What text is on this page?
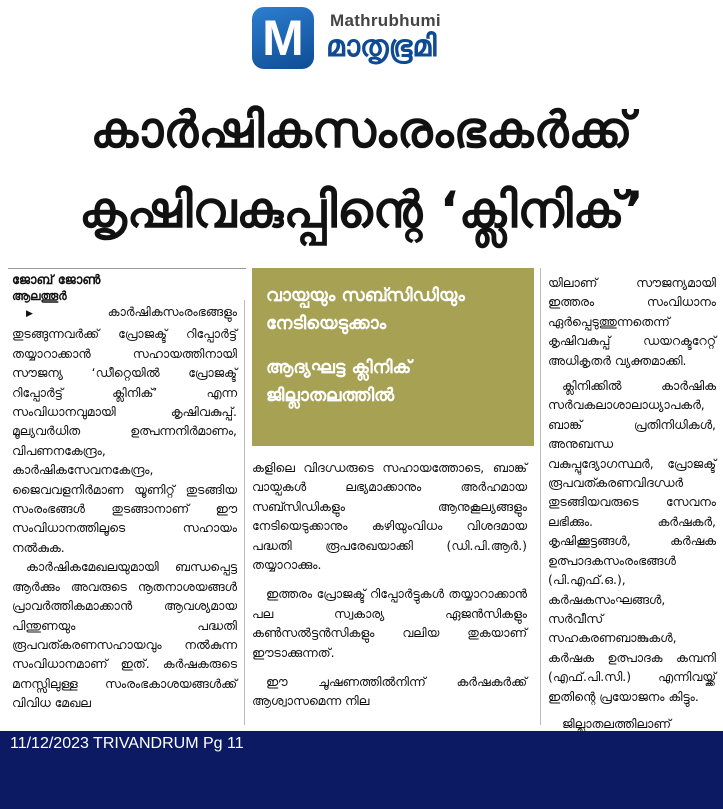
M	Mathrubhumi
മാതൃഭൂമി
കാർഷികസംരംഭകർക്ക്
കൃഷിവകുപ്പിന്റെ ‘ക്ലിനിക്’
ജോബ് ജോൺ
ആലത്തൂർ

▶ കാർഷികസംരംഭങ്ങളും തുടങ്ങുന്നവർക്ക് പ്രോജക്ട് റിപ്പോർട്ട് തയ്യാറാക്കാൻ സഹായത്തിനായി സൗജന്യ ‘ഡീറ്റെയിൽ പ്രോജക്ട് റിപ്പോർട്ട് ക്ലിനിക്’ എന്ന സംവിധാനവുമായി കൃഷിവകുപ്പ്. മൂല്യവർധിത ഉത്പന്നനിർമാണം, വിപണനകേന്ദ്രം, കാർഷികസേവനകേന്ദ്രം, ജൈവവളനിർമാണ യൂണിറ്റ് തുടങ്ങിയ സംരംഭങ്ങൾ തുടങ്ങാനാണ് ഈ സംവിധാനത്തിലൂടെ സഹായം നൽകുക.

കാർഷികമേഖലയുമായി ബന്ധപ്പെട്ട ആർക്കും അവരുടെ നൂതനാശയങ്ങൾ പ്രാവർത്തികമാക്കാൻ ആവശ്യമായ പിന്തുണയും പദ്ധതി രൂപവത്കരണസഹായവും നൽകുന്ന സംവിധാനമാണ് ഇത്. കർഷകരുടെ മനസ്സിലുള്ള സംരംഭകാശയങ്ങൾക്ക് വിവിധ മേഖല

വായ്പയും സബ്സിഡിയും നേടിയെടുക്കാം
ആദ്യഘട്ട ക്ലിനിക് ജില്ലാതലത്തിൽ

കളിലെ വിദഗ്ധരുടെ സഹായത്തോടെ, ബാങ്ക് വായ്പകൾ ലഭ്യമാക്കാനും അർഹമായ സബ്സിഡികളും ആനുകൂല്യങ്ങളും നേടിയെടുക്കാനും കഴിയുംവിധം വിശദമായ പദ്ധതി രൂപരേഖയാക്കി (ഡി.പി.ആർ.) തയ്യാറാക്കും.

ഇത്തരം പ്രോജക്ട് റിപ്പോർട്ടുകൾ തയ്യാറാക്കാൻ പല സ്വകാര്യ ഏജൻസികളും കൺസൽട്ടൻസികളും വലിയ തുകയാണ് ഈടാക്കുന്നത്.

ഈ ചൂഷണത്തിൽനിന്ന് കർഷകർക്ക് ആശ്വാസമെന്ന നില

യിലാണ് സൗജന്യമായി ഇത്തരം സംവിധാനം ഏർപ്പെടുത്തുന്നതെന്ന് കൃഷിവകുപ്പ് ഡയറക്ടറേറ്റ് അധികൃതർ വ്യക്തമാക്കി.

ക്ലിനിക്കിൽ കാർഷിക സർവകലാശാലാധ്യാപകർ, ബാങ്ക് പ്രതിനിധികൾ, അനുബന്ധ വകുപ്പുദ്യോഗസ്ഥർ, പ്രോജക്ട് രൂപവത്കരണവിദഗ്ധർ തുടങ്ങിയവരുടെ സേവനം ലഭിക്കും. കർഷകർ, കൃഷിക്കൂട്ടങ്ങൾ, കർഷക ഉത്പാദകസംരംഭങ്ങൾ (പി.എഫ്.ഒ.), കർഷകസംഘങ്ങൾ, സർവീസ് സഹകരണബാങ്കുകൾ, കർഷക ഉത്പാദക കമ്പനി (എഫ്.പി.സി.) എന്നിവയ്ക്ക് ഇതിന്റെ പ്രയോജനം കിട്ടും.

ജില്ലാതലത്തിലാണ്

11/12/2023 TRIVANDRUM Pg 11
